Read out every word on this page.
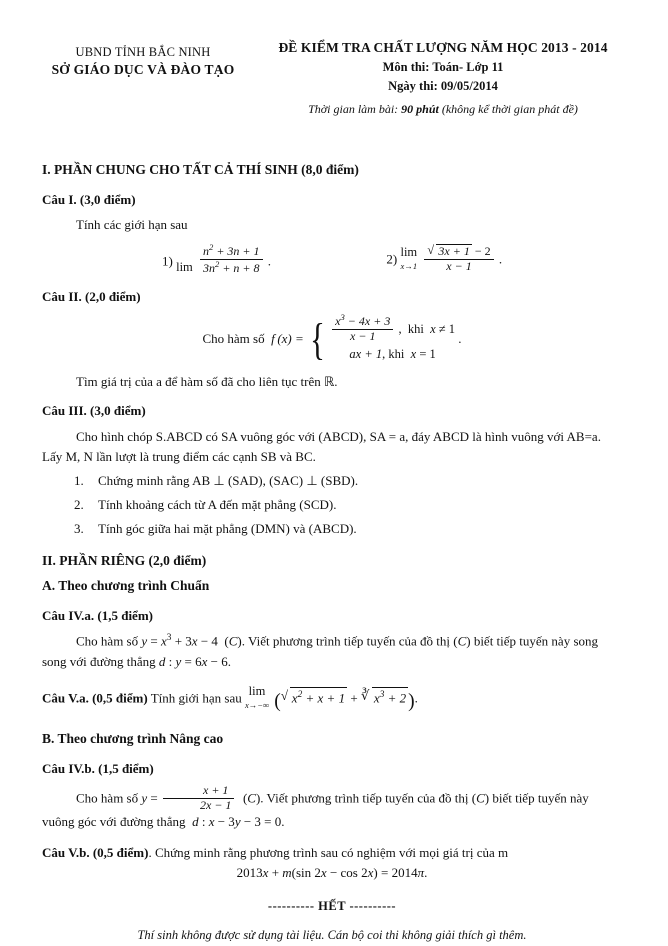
UBND TỈNH BẮC NINH
SỞ GIÁO DỤC VÀ ĐÀO TẠO
ĐỀ KIỂM TRA CHẤT LƯỢNG NĂM HỌC 2013 - 2014
Môn thi: Toán- Lớp 11
Ngày thi: 09/05/2014
Thời gian làm bài: 90 phút (không kể thời gian phát đề)
I. PHẦN CHUNG CHO TẤT CẢ THÍ SINH (8,0 điểm)
Câu I. (3,0 điểm)
Tính các giới hạn sau
1) lim
$\frac{n^2 + 3n + 1}{3n^2 + n + 8}$ .	2) lim
x→1
√ $\frac{3x + 1 - 2}{x - 1}$ .
Câu II. (2,0 điểm)
Cho hàm số  f (x) = { $\frac{x^3 - 4x + 3}{x - 1}$ ,  khi  x ≠ 1
ax + 1, khi  x = 1
.
Tìm giá trị của a để hàm số đã cho liên tục trên ℝ.
Câu III. (3,0 điểm)
Cho hình chóp S.ABCD có SA vuông góc với (ABCD), SA = a, đáy ABCD là hình vuông với AB=a. Lấy M, N lần lượt là trung điểm các cạnh SB và BC.
1. Chứng minh rằng AB ⊥ (SAD), (SAC) ⊥ (SBD).
2. Tính khoảng cách từ A đến mặt phẳng (SCD).
3. Tính góc giữa hai mặt phẳng (DMN) và (ABCD).
II. PHẦN RIÊNG (2,0 điểm)
A. Theo chương trình Chuẩn
Câu IV.a. (1,5 điểm)
Cho hàm số $y = x^3 + 3x - 4$  (C). Viết phương trình tiếp tuyến của đồ thị (C) biết tiếp tuyến này song song với đường thẳng d : y = 6x − 6.
Câu V.a. (0,5 điểm) Tính giới hạn sau lim
x→−∞ ( √ $x^2 + x + 1$ + ∛ $x^3 + 2$ ).
B. Theo chương trình Nâng cao
Câu IV.b. (1,5 điểm)
Cho hàm số $y = \frac{x + 1}{2x - 1} (C)$. Viết phương trình tiếp tuyến của đồ thị (C) biết tiếp tuyến này vuông góc với đường thẳng  d : x − 3y − 3 = 0.
Câu V.b. (0,5 điểm). Chứng minh rằng phương trình sau có nghiệm với mọi giá trị của m
2013x + m(sin 2x − cos 2x) = 2014π.
---------- HẾT ----------
Thí sinh không được sử dụng tài liệu. Cán bộ coi thi không giải thích gì thêm.
